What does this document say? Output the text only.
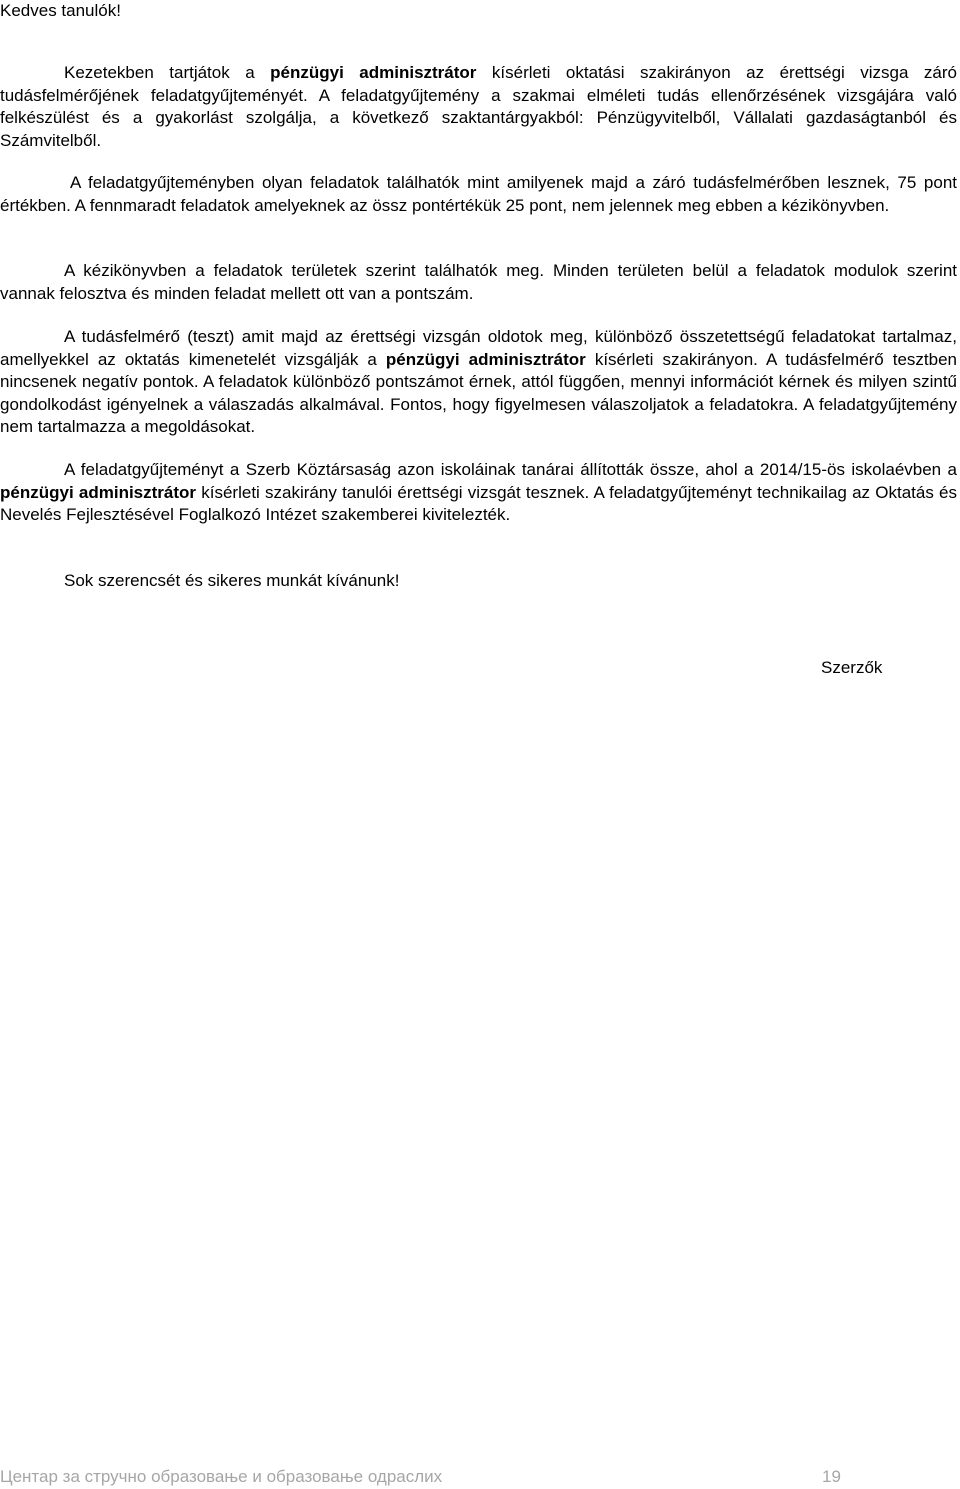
Kedves tanulók!

Kezetekben tartjátok a pénzügyi adminisztrátor kísérleti oktatási szakirányon az érettségi vizsga záró tudásfelmérőjének feladatgyűjteményét. A feladatgyűjtemény a szakmai elméleti tudás ellenőrzésének vizsgájára való felkészülést és a gyakorlást szolgálja, a következő szaktantárgyakból: Pénzügyvitelből, Vállalati gazdaságtanból és Számvitelből.

A feladatgyűjteményben olyan feladatok találhatók mint amilyenek majd a záró tudásfelmérőben lesznek, 75 pont értékben. A fennmaradt feladatok amelyeknek az össz pontértékük 25 pont, nem jelennek meg ebben a kézikönyvben.

A kézikönyvben a feladatok területek szerint találhatók meg. Minden területen belül a feladatok modulok szerint vannak felosztva és minden feladat mellett ott van a pontszám.

A tudásfelmérő (teszt) amit majd az érettségi vizsgán oldotok meg, különböző összetettségű feladatokat tartalmaz, amellyekkel az oktatás kimenetelét vizsgálják a pénzügyi adminisztrátor kísérleti szakirányon. A tudásfelmérő tesztben nincsenek negatív pontok. A feladatok különböző pontszámot érnek, attól függően, mennyi információt kérnek és milyen szintű gondolkodást igényelnek a válaszadás alkalmával. Fontos, hogy figyelmesen válaszoljatok a feladatokra. A feladatgyűjtemény nem tartalmazza a megoldásokat.

A feladatgyűjteményt a Szerb Köztársaság azon iskoláinak tanárai állították össze, ahol a 2014/15-ös iskolaévben a pénzügyi adminisztrátor kísérleti szakirány tanulói érettségi vizsgát tesznek. A feladatgyűjteményt technikailag az Oktatás és Nevelés Fejlesztésével Foglalkozó Intézet szakemberei kivitelezték.

Sok szerencsét és sikeres munkát kívánunk!

Szerzők

Центар за стручно образовање и образовање одраслих	19
